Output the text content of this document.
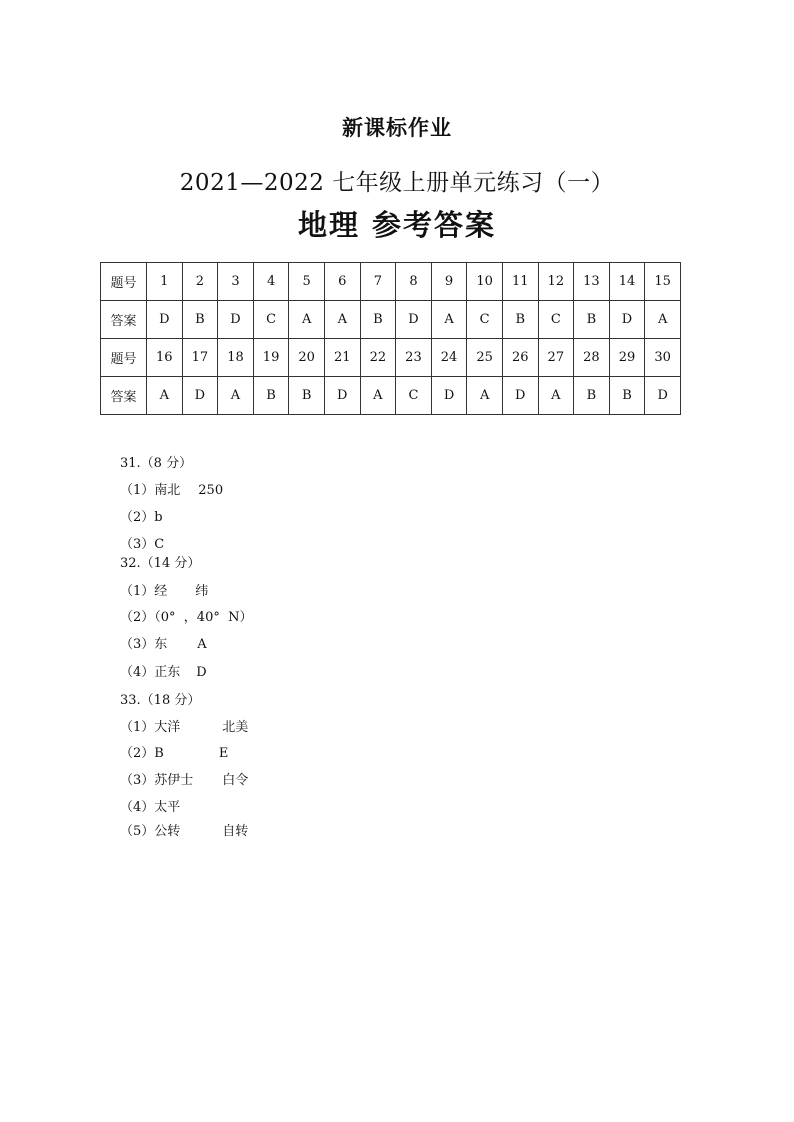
新课标作业
2021—2022 七年级上册单元练习（一）
地理 参考答案
题号	1	2	3	4	5	6	7	8	9	10	11	12	13	14	15
答案	D	B	D	C	A	A	B	D	A	C	B	C	B	D	A
题号	16	17	18	19	20	21	22	23	24	25	26	27	28	29	30
答案	A	D	A	B	B	D	A	C	D	A	D	A	B	B	D
31.（8 分）
（1）南北 250
（2）b
（3）C
32.（14 分）
（1）经 纬
（2）（0°  ，40°  N）
（3）东 A
（4）正东 D
33.（18 分）
（1）大洋	北美
（2）B	E
（3）苏伊士 白令
（4）太平
（5）公转	自转
